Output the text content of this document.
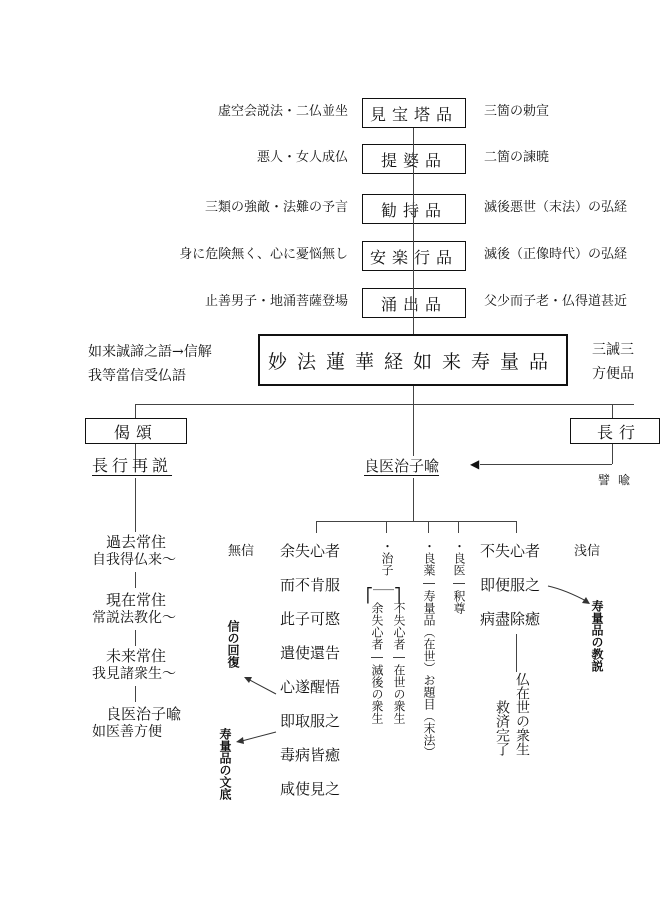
虚空会説法・二仏並坐 見宝塔品 三箇の勅宣
悪人・女人成仏 提婆品	二箇の諫暁
三類の強敵・法難の予言 勧持品	滅後悪世（末法）の弘経
身に危険無く、心に憂悩無し 安楽行品 滅後（正像時代）の弘経
止善男子・地涌菩薩登場 涌出品	父少而子老・仏得道甚近
如来誠諦之語→信解
我等當信受仏語
妙法蓮華経如来寿量品
三誡三
方便品
偈頌	長行
長行再説
過去常住
自我得仏来〜
現在常住
常説法教化〜
未来常住
我見諸衆生〜
良医治子喩
如医善方便
◀
譬喩
良医治子喩
無信	浅信
余失心者
而不肯服
此子可愍
遣使還告
心遂醒悟
即取服之
毒病皆癒
咸使見之
不失心者
即便服之
病盡除癒
・治子
⎡‾‾‾⎤
余失心者―滅後の衆生 不失心者―在世の衆生 ・良薬―寿量品（在世）お題目（末法） ・良医―釈尊
仏在世の衆生
救済完了
信の回復
寿量品の文底
寿量品の教説
